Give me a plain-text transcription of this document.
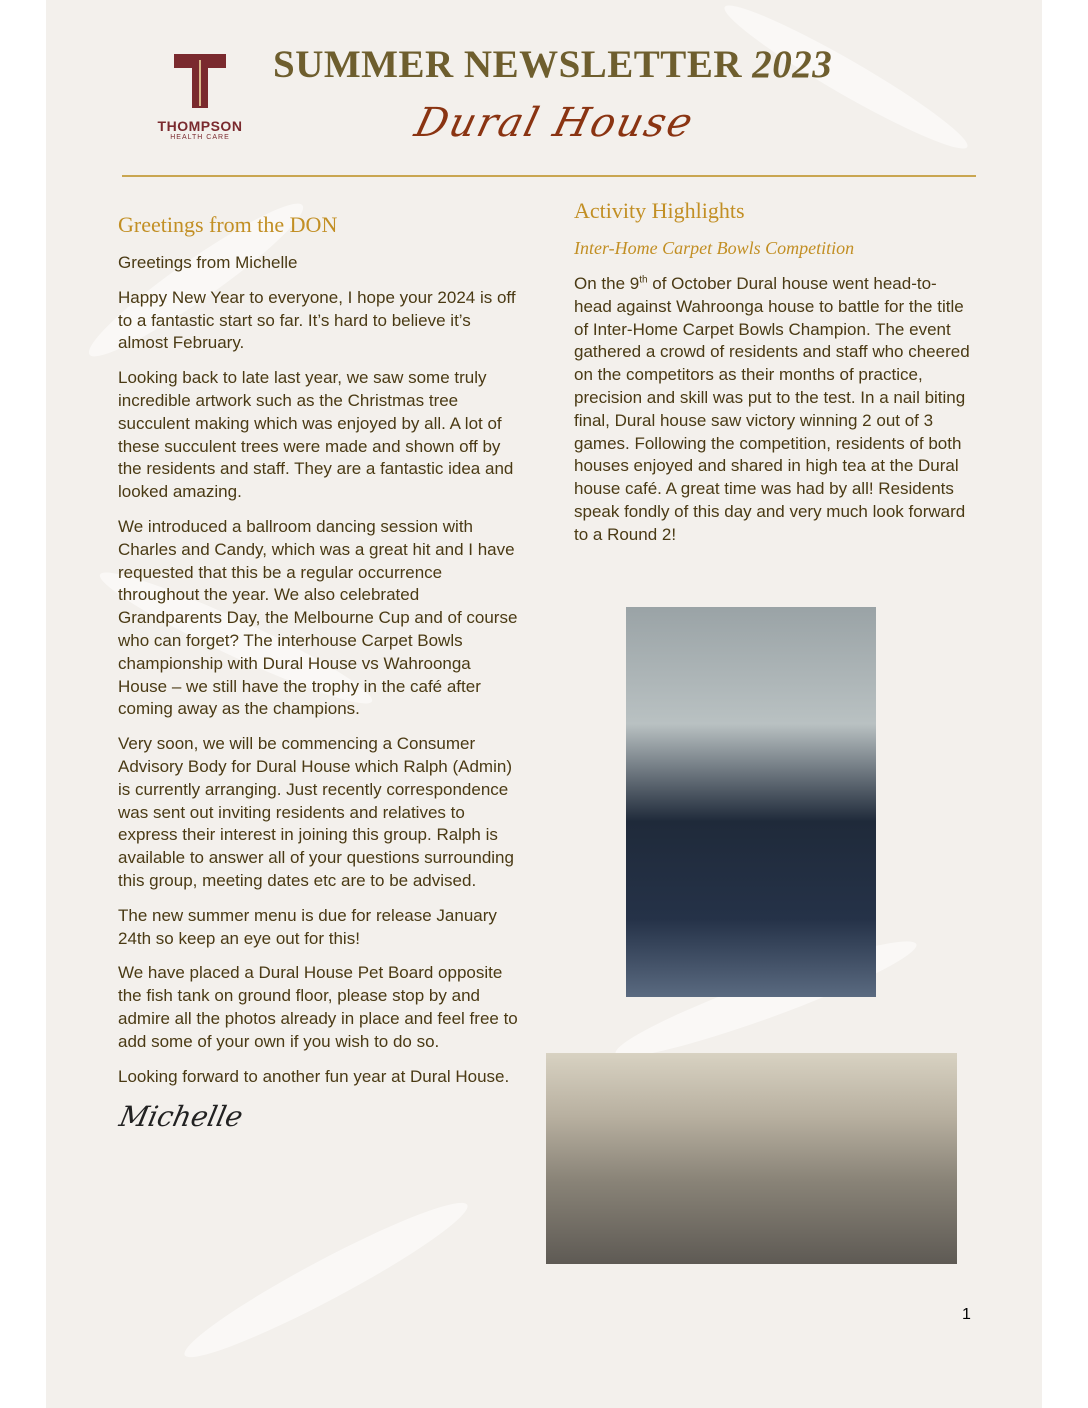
THOMPSON
HEALTH CARE
SUMMER NEWSLETTER 2023
Dural House
Greetings from the DON

Greetings from Michelle

Happy New Year to everyone, I hope your 2024 is off to a fantastic start so far. It’s hard to believe it’s almost February.

Looking back to late last year, we saw some truly incredible artwork such as the Christmas tree succulent making which was enjoyed by all. A lot of these succulent trees were made and shown off by the residents and staff. They are a fantastic idea and looked amazing.

We introduced a ballroom dancing session with Charles and Candy, which was a great hit and I have requested that this be a regular occurrence throughout the year. We also celebrated Grandparents Day, the Melbourne Cup and of course who can forget? The interhouse Carpet Bowls championship with Dural House vs Wahroonga House – we still have the trophy in the café after coming away as the champions.

Very soon, we will be commencing a Consumer Advisory Body for Dural House which Ralph (Admin) is currently arranging. Just recently correspondence was sent out inviting residents and relatives to express their interest in joining this group. Ralph is available to answer all of your questions surrounding this group, meeting dates etc are to be advised.

The new summer menu is due for release January 24th so keep an eye out for this!

We have placed a Dural House Pet Board opposite the fish tank on ground floor, please stop by and admire all the photos already in place and feel free to add some of your own if you wish to do so.

Looking forward to another fun year at Dural House.

Michelle
Activity Highlights
Inter-Home Carpet Bowls Competition

On the 9th of October Dural house went head-to-head against Wahroonga house to battle for the title of Inter-Home Carpet Bowls Champion. The event gathered a crowd of residents and staff who cheered on the competitors as their months of practice, precision and skill was put to the test. In a nail biting final, Dural house saw victory winning 2 out of 3 games. Following the competition, residents of both houses enjoyed and shared in high tea at the Dural house café. A great time was had by all! Residents speak fondly of this day and very much look forward to a Round 2!

1
